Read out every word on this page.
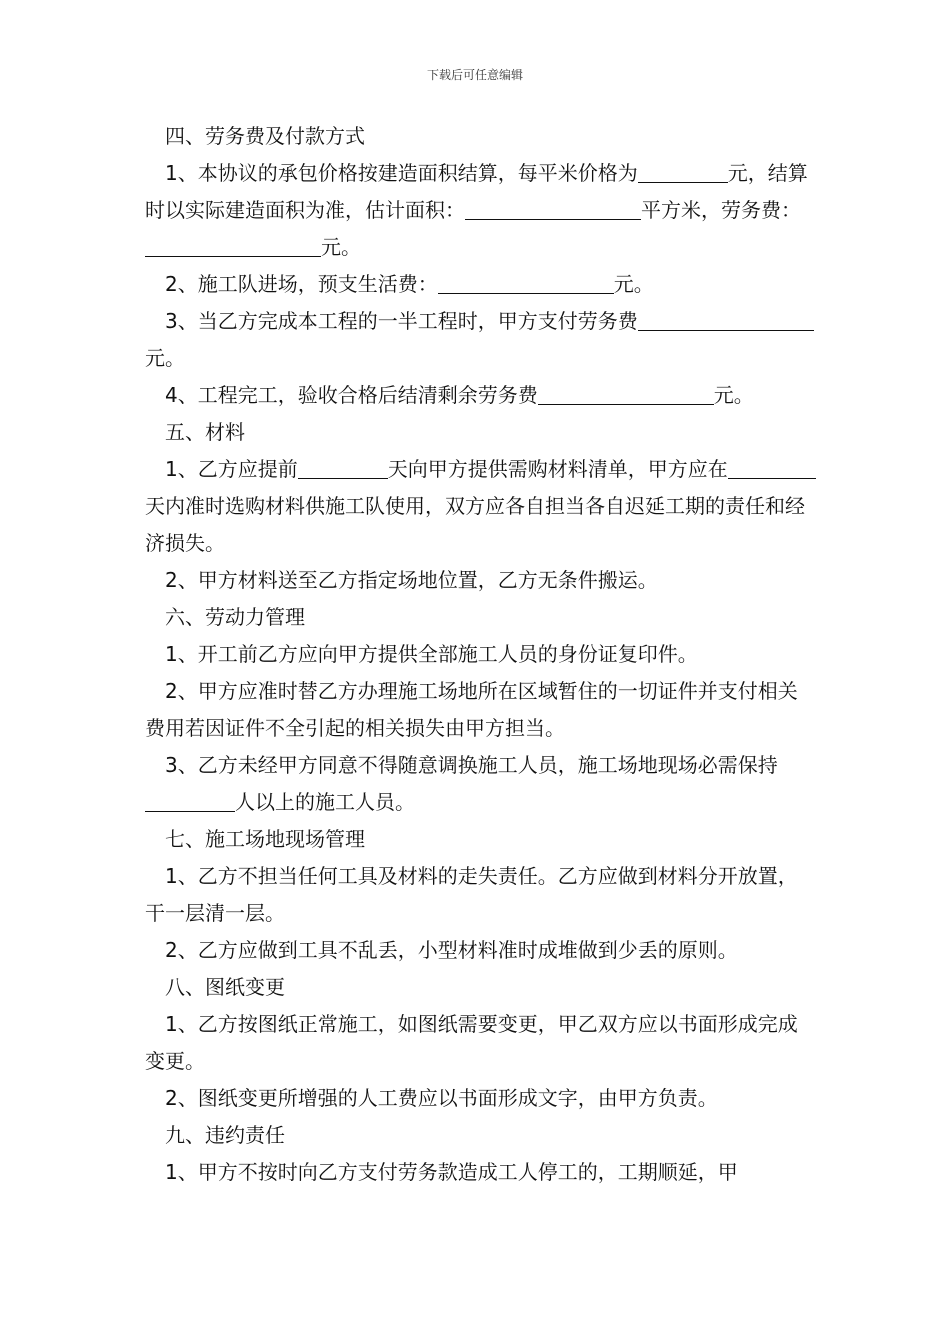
下载后可任意编辑

四、劳务费及付款方式

1、本协议的承包价格按建造面积结算，每平米价格为	元，结算时以实际建造面积为准，估计面积：	平方米，劳务费：元。

2、施工队进场，预支生活费：	元。

3、当乙方完成本工程的一半工程时，甲方支付劳务费元。

4、工程完工，验收合格后结清剩余劳务费	元。

五、材料

1、乙方应提前	天向甲方提供需购材料清单，甲方应在天内准时选购材料供施工队使用，双方应各自担当各自迟延工期的责任和经济损失。

2、甲方材料送至乙方指定场地位置，乙方无条件搬运。

六、劳动力管理

1、开工前乙方应向甲方提供全部施工人员的身份证复印件。

2、甲方应准时替乙方办理施工场地所在区域暂住的一切证件并支付相关费用若因证件不全引起的相关损失由甲方担当。

3、乙方未经甲方同意不得随意调换施工人员，施工场地现场必需保持人以上的施工人员。

七、施工场地现场管理

1、乙方不担当任何工具及材料的走失责任。乙方应做到材料分开放置，干一层清一层。

2、乙方应做到工具不乱丢，小型材料准时成堆做到少丢的原则。

八、图纸变更

1、乙方按图纸正常施工，如图纸需要变更，甲乙双方应以书面形成完成变更。

2、图纸变更所增强的人工费应以书面形成文字，由甲方负责。

九、违约责任

1、甲方不按时向乙方支付劳务款造成工人停工的，工期顺延，甲
